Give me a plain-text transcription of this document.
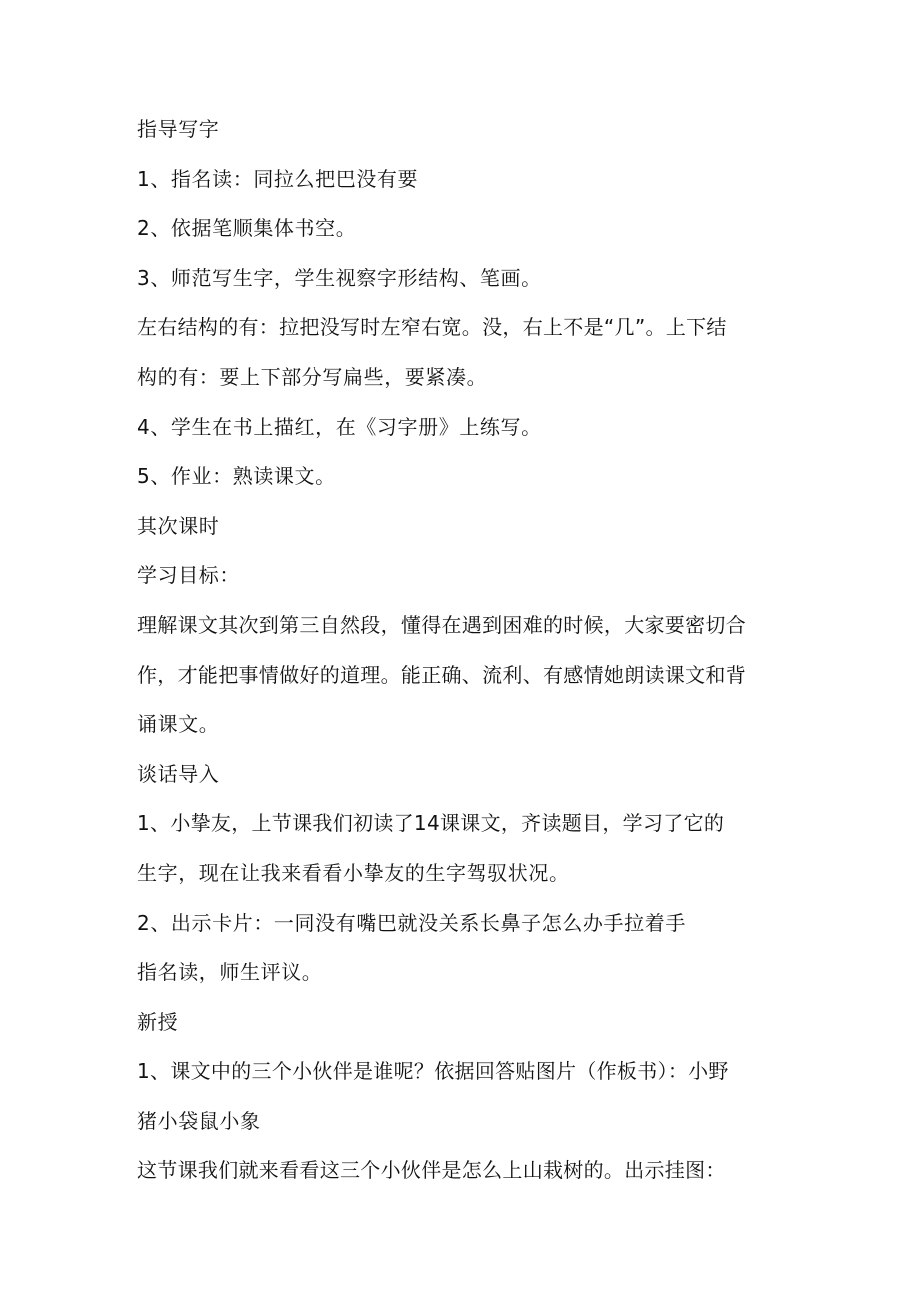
指导写字

1、指名读：同拉么把巴没有要

2、依据笔顺集体书空。

3、师范写生字，学生视察字形结构、笔画。

左右结构的有：拉把没写时左窄右宽。没，右上不是“几”。上下结

构的有：要上下部分写扁些，要紧凑。

4、学生在书上描红，在《习字册》上练写。

5、作业：熟读课文。

其次课时

学习目标：

理解课文其次到第三自然段，懂得在遇到困难的时候，大家要密切合

作，才能把事情做好的道理。能正确、流利、有感情她朗读课文和背

诵课文。

谈话导入

1、小挚友，上节课我们初读了14课课文，齐读题目，学习了它的

生字，现在让我来看看小挚友的生字驾驭状况。

2、出示卡片：一同没有嘴巴就没关系长鼻子怎么办手拉着手

指名读，师生评议。

新授

1、课文中的三个小伙伴是谁呢？依据回答贴图片（作板书）：小野

猪小袋鼠小象

这节课我们就来看看这三个小伙伴是怎么上山栽树的。出示挂图：
